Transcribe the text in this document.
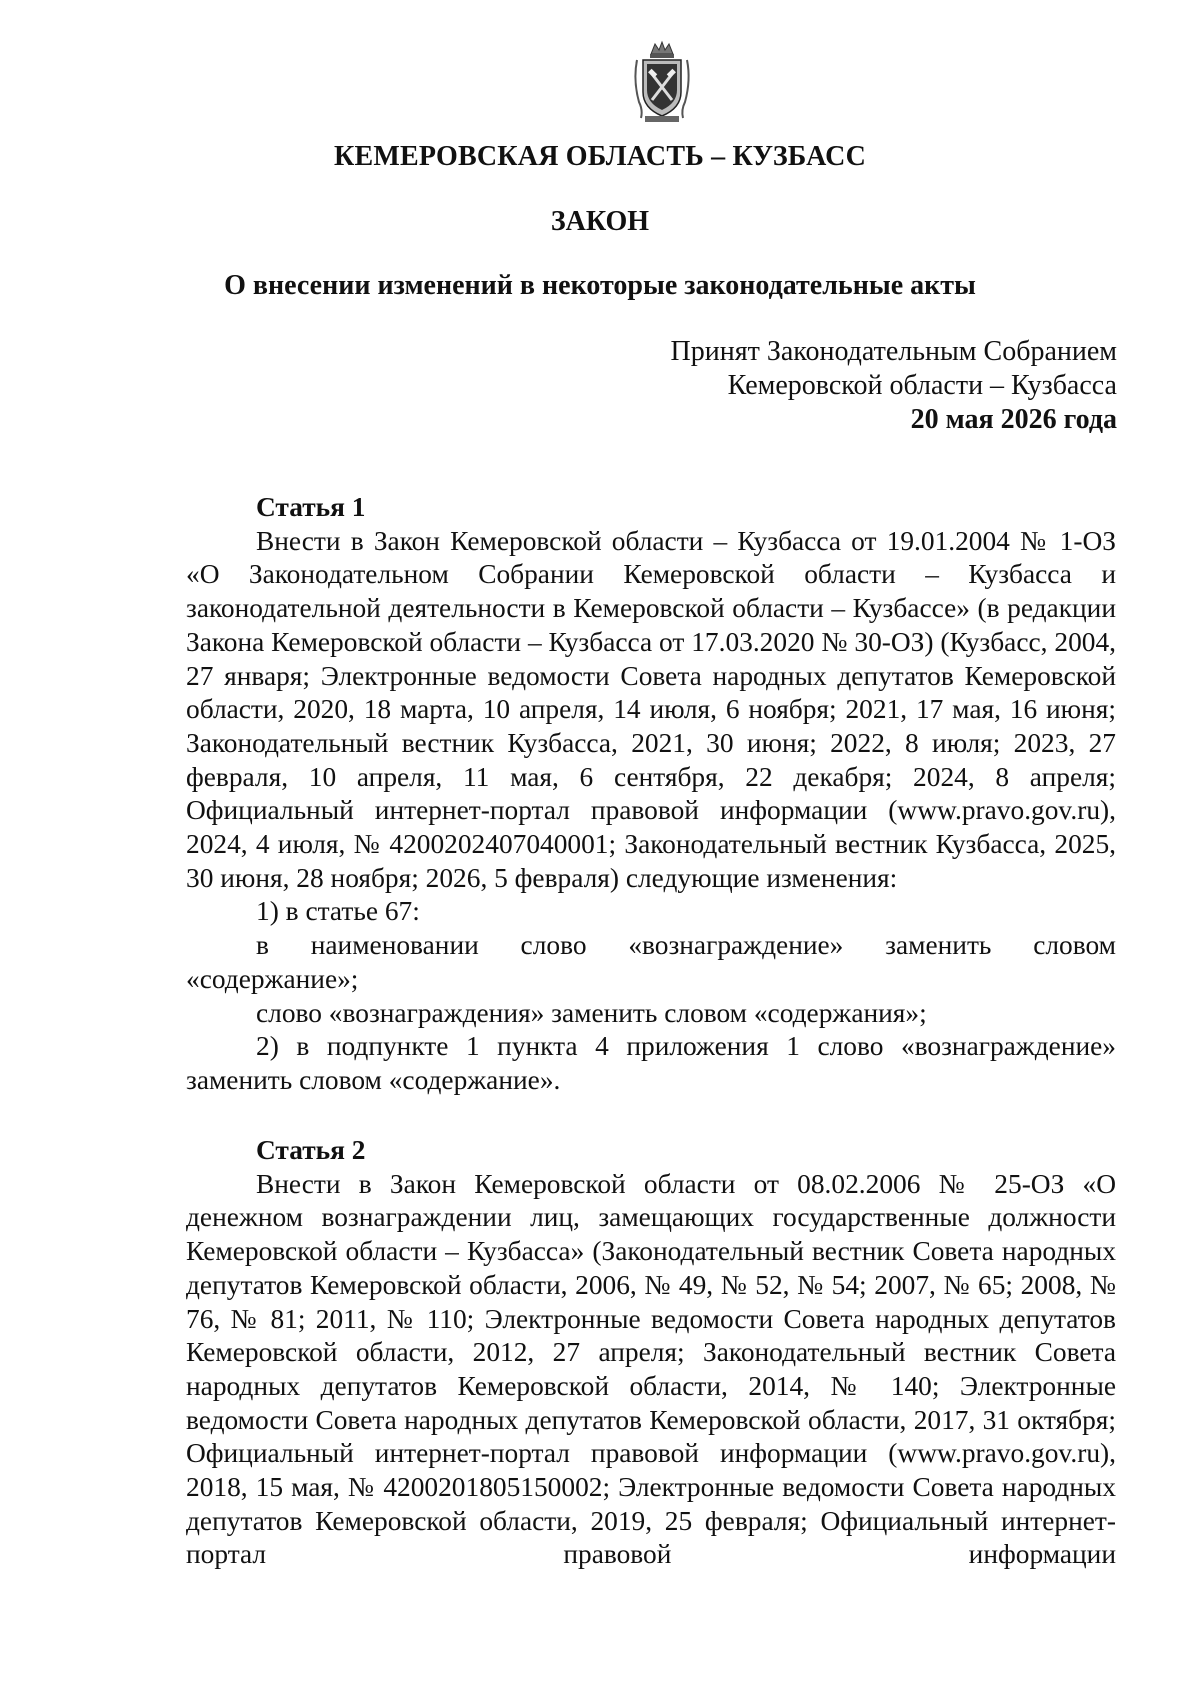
КЕМЕРОВСКАЯ ОБЛАСТЬ – КУЗБАСС
ЗАКОН
О внесении изменений в некоторые законодательные акты
Принят Законодательным Собранием
Кемеровской области – Кузбасса
20 мая 2026 года
Статья 1

Внести в Закон Кемеровской области – Кузбасса от 19.01.2004 № 1-ОЗ «О Законодательном Собрании Кемеровской области – Кузбасса и законодательной деятельности в Кемеровской области – Кузбассе» (в редакции Закона Кемеровской области – Кузбасса от 17.03.2020 № 30-ОЗ) (Кузбасс, 2004, 27 января; Электронные ведомости Совета народных депутатов Кемеровской области, 2020, 18 марта, 10 апреля, 14 июля, 6 ноября; 2021, 17 мая, 16 июня; Законодательный вестник Кузбасса, 2021, 30 июня; 2022, 8 июля; 2023, 27 февраля, 10 апреля, 11 мая, 6 сентября, 22 декабря; 2024, 8 апреля; Официальный интернет-портал правовой информации (www.pravo.gov.ru), 2024, 4 июля, № 4200202407040001; Законодательный вестник Кузбасса, 2025, 30 июня, 28 ноября; 2026, 5 февраля) следующие изменения:

1) в статье 67:

в наименовании слово «вознаграждение» заменить словом «содержание»;

слово «вознаграждения» заменить словом «содержания»;

2) в подпункте 1 пункта 4 приложения 1 слово «вознаграждение» заменить словом «содержание».

Статья 2

Внести в Закон Кемеровской области от 08.02.2006 № 25-ОЗ «О денежном вознаграждении лиц, замещающих государственные должности Кемеровской области – Кузбасса» (Законодательный вестник Совета народных депутатов Кемеровской области, 2006, № 49, № 52, № 54; 2007, № 65; 2008, № 76, № 81; 2011, № 110; Электронные ведомости Совета народных депутатов Кемеровской области, 2012, 27 апреля; Законодательный вестник Совета народных депутатов Кемеровской области, 2014, № 140; Электронные ведомости Совета народных депутатов Кемеровской области, 2017, 31 октября; Официальный интернет-портал правовой информации (www.pravo.gov.ru), 2018, 15 мая, № 4200201805150002; Электронные ведомости Совета народных депутатов Кемеровской области, 2019, 25 февраля; Официальный интернет-портал правовой информации
